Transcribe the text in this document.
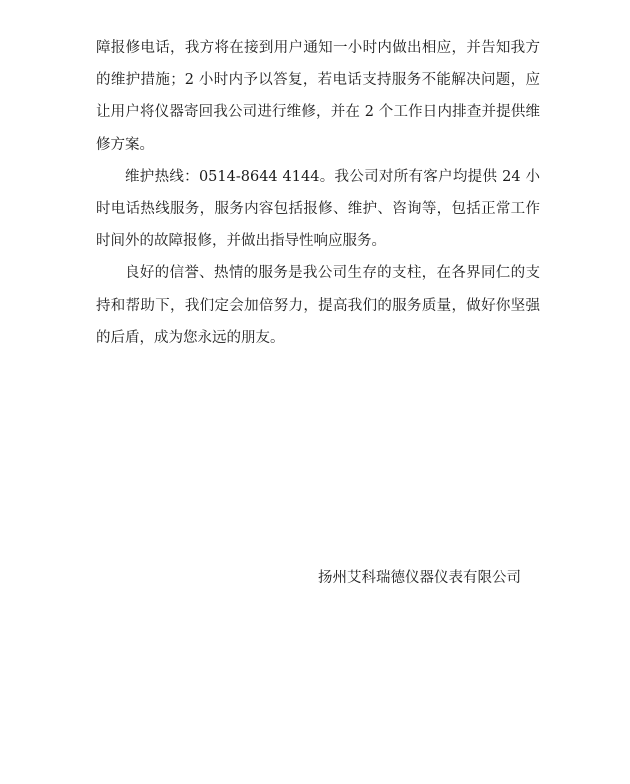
障报修电话，我方将在接到用户通知一小时内做出相应，并告知我方的维护措施；2 小时内予以答复，若电话支持服务不能解决问题，应让用户将仪器寄回我公司进行维修，并在 2 个工作日内排查并提供维修方案。

维护热线：0514-8644 4144。我公司对所有客户均提供 24 小时电话热线服务，服务内容包括报修、维护、咨询等，包括正常工作时间外的故障报修，并做出指导性响应服务。

良好的信誉、热情的服务是我公司生存的支柱，在各界同仁的支持和帮助下，我们定会加倍努力，提高我们的服务质量，做好你坚强的后盾，成为您永远的朋友。

扬州艾科瑞德仪器仪表有限公司
